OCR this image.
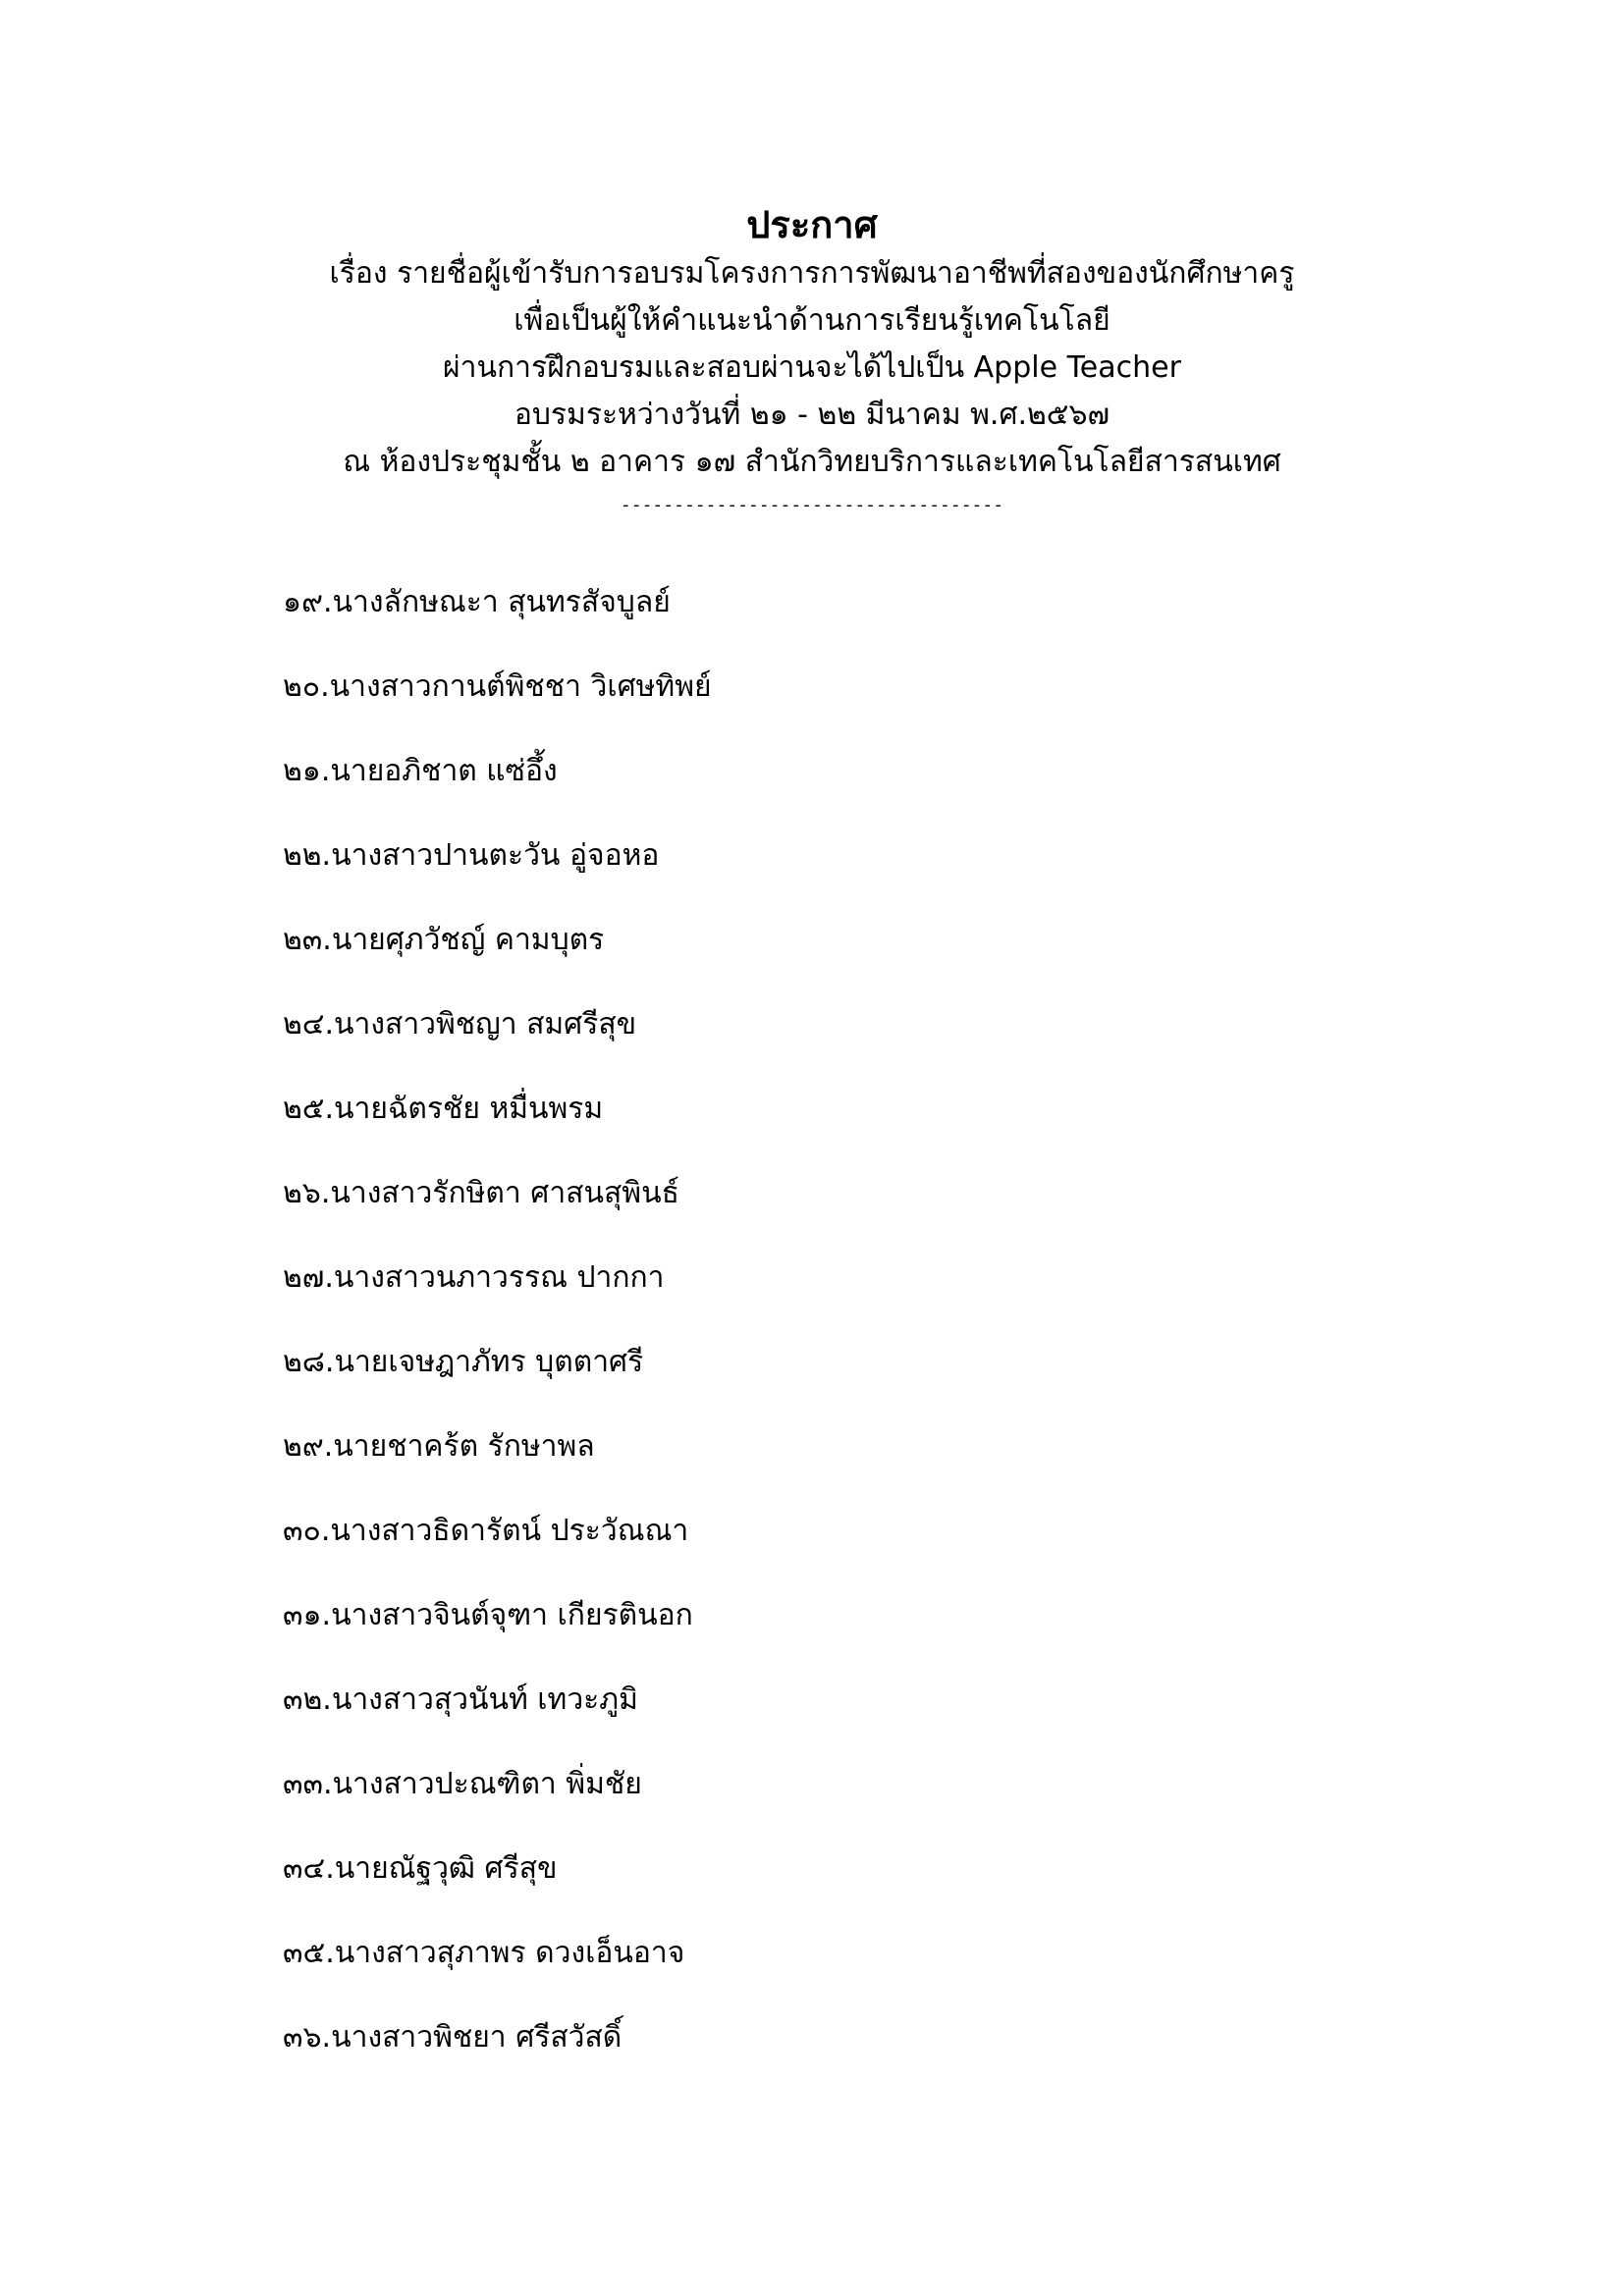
ประกาศ
เรื่อง รายชื่อผู้เข้ารับการอบรมโครงการการพัฒนาอาชีพที่สองของนักศึกษาครู
เพื่อเป็นผู้ให้คำแนะนำด้านการเรียนรู้เทคโนโลยี
ผ่านการฝึกอบรมและสอบผ่านจะได้ไปเป็น Apple Teacher
อบรมระหว่างวันที่ ๒๑ - ๒๒ มีนาคม พ.ศ.๒๕๖๗
ณ ห้องประชุมชั้น ๒ อาคาร ๑๗ สำนักวิทยบริการและเทคโนโลยีสารสนเทศ
------------------------------------
๑๙.นางลักษณะา สุนทรสัจบูลย์
๒๐.นางสาวกานต์พิชชา วิเศษทิพย์
๒๑.นายอภิชาต แซ่อึ้ง
๒๒.นางสาวปานตะวัน อู่จอหอ
๒๓.นายศุภวัชญ์ คามบุตร
๒๔.นางสาวพิชญา สมศรีสุข
๒๕.นายฉัตรชัย หมื่นพรม
๒๖.นางสาวรักษิตา ศาสนสุพินธ์
๒๗.นางสาวนภาวรรณ ปากกา
๒๘.นายเจษฎาภัทร บุตตาศรี
๒๙.นายชาคร้ต รักษาพล
๓๐.นางสาวธิดารัตน์ ประวัณณา
๓๑.นางสาวจินต์จุฑา เกียรตินอก
๓๒.นางสาวสุวนันท์ เทวะภูมิ
๓๓.นางสาวปะณฑิตา พิ่มชัย
๓๔.นายณัฐวุฒิ ศรีสุข
๓๕.นางสาวสุภาพร ดวงเอ็นอาจ
๓๖.นางสาวพิชยา ศรีสวัสดิ์
